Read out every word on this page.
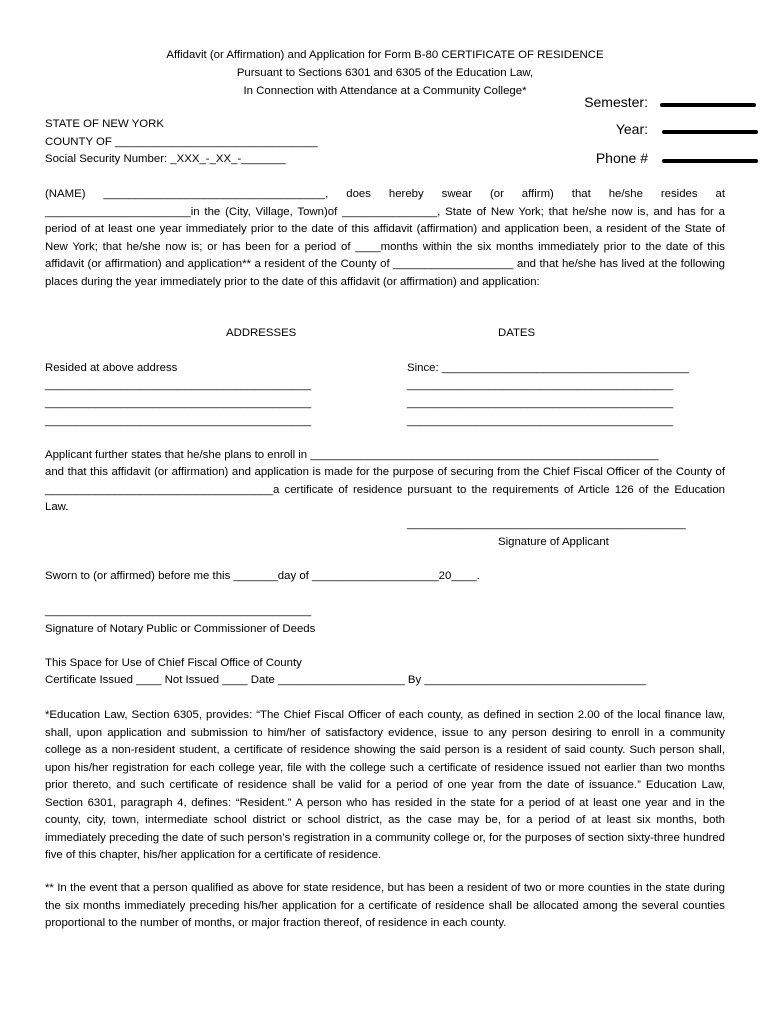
Affidavit (or Affirmation) and Application for Form B-80 CERTIFICATE OF RESIDENCE
Pursuant to Sections 6301 and 6305 of the Education Law,
In Connection with Attendance at a Community College*
Semester:
Year:
Phone #
STATE OF NEW YORK
COUNTY OF ________________________________
Social Security Number: _XXX_-_XX_-_______
(NAME) ___________________________________, does hereby swear (or affirm) that he/she resides at _______________________in the (City, Village, Town)of _______________, State of New York; that he/she now is, and has for a period of at least one year immediately prior to the date of this affidavit (affirmation) and application been, a resident of the State of New York; that he/she now is; or has been for a period of ____months within the six months immediately prior to the date of this affidavit (or affirmation) and application** a resident of the County of ___________________ and that he/she has lived at the following places during the year immediately prior to the date of this affidavit (or affirmation) and application:
ADDRESSES	DATES
Resided at above address	Since: _______________________________________
__________________________________________	__________________________________________
__________________________________________	__________________________________________
__________________________________________	__________________________________________
Applicant further states that he/she plans to enroll in _______________________________________________________
and that this affidavit (or affirmation) and application is made for the purpose of securing from the Chief Fiscal Officer of the County of ____________________________________a certificate of residence pursuant to the requirements of Article 126 of the Education Law.
____________________________________________
Signature of Applicant
Sworn to (or affirmed) before me this _______day of ____________________20____.
__________________________________________
Signature of Notary Public or Commissioner of Deeds
This Space for Use of Chief Fiscal Office of County
Certificate Issued ____ Not Issued ____ Date ____________________ By ___________________________________
*Education Law, Section 6305, provides: “The Chief Fiscal Officer of each county, as defined in section 2.00 of the local finance law, shall, upon application and submission to him/her of satisfactory evidence, issue to any person desiring to enroll in a community college as a non-resident student, a certificate of residence showing the said person is a resident of said county. Such person shall, upon his/her registration for each college year, file with the college such a certificate of residence issued not earlier than two months prior thereto, and such certificate of residence shall be valid for a period of one year from the date of issuance.” Education Law, Section 6301, paragraph 4, defines: “Resident.” A person who has resided in the state for a period of at least one year and in the county, city, town, intermediate school district or school district, as the case may be, for a period of at least six months, both immediately preceding the date of such person’s registration in a community college or, for the purposes of section sixty-three hundred five of this chapter, his/her application for a certificate of residence.
** In the event that a person qualified as above for state residence, but has been a resident of two or more counties in the state during the six months immediately preceding his/her application for a certificate of residence shall be allocated among the several counties proportional to the number of months, or major fraction thereof, of residence in each county.
